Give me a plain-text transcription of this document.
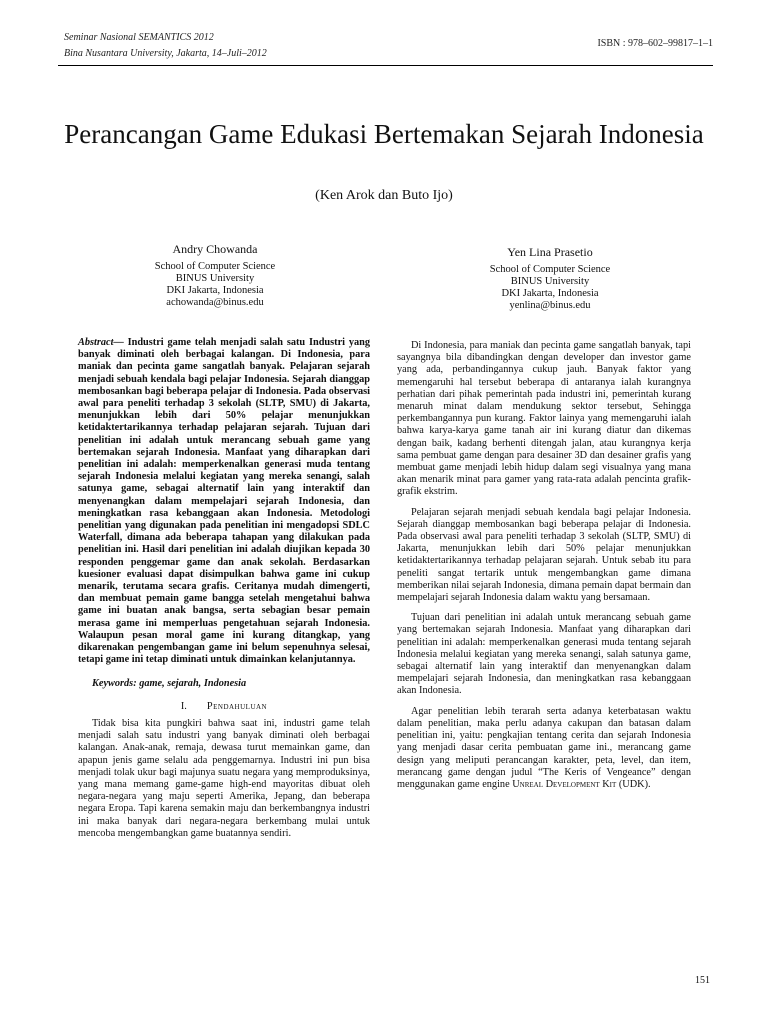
Seminar Nasional SEMANTICS 2012
Bina Nusantara University, Jakarta, 14–Juli–2012
ISBN : 978–602–99817–1–1
Perancangan Game Edukasi Bertemakan Sejarah Indonesia
(Ken Arok dan Buto Ijo)
Andry Chowanda
School of Computer Science
BINUS University
DKI Jakarta, Indonesia
achowanda@binus.edu
Yen Lina Prasetio
School of Computer Science
BINUS University
DKI Jakarta, Indonesia
yenlina@binus.edu
Abstract— Industri game telah menjadi salah satu Industri yang banyak diminati oleh berbagai kalangan. Di Indonesia, para maniak dan pecinta game sangatlah banyak. Pelajaran sejarah menjadi sebuah kendala bagi pelajar Indonesia. Sejarah dianggap membosankan bagi beberapa pelajar di Indonesia. Pada observasi awal para peneliti terhadap 3 sekolah (SLTP, SMU) di Jakarta, menunjukkan lebih dari 50% pelajar menunjukkan ketidaktertarikannya terhadap pelajaran sejarah. Tujuan dari penelitian ini adalah untuk merancang sebuah game yang bertemakan sejarah Indonesia. Manfaat yang diharapkan dari penelitian ini adalah: memperkenalkan generasi muda tentang sejarah Indonesia melalui kegiatan yang mereka senangi, salah satunya game, sebagai alternatif lain yang interaktif dan menyenangkan dalam mempelajari sejarah Indonesia, dan meningkatkan rasa kebanggaan akan Indonesia. Metodologi penelitian yang digunakan pada penelitian ini mengadopsi SDLC Waterfall, dimana ada beberapa tahapan yang dilakukan pada penelitian ini. Hasil dari penelitian ini adalah diujikan kepada 30 responden penggemar game dan anak sekolah. Berdasarkan kuesioner evaluasi dapat disimpulkan bahwa game ini cukup menarik, terutama secara grafis. Ceritanya mudah dimengerti, dan membuat pemain game bangga setelah mengetahui bahwa game ini buatan anak bangsa, serta sebagian besar pemain merasa game ini memperluas pengetahuan sejarah Indonesia. Walaupun pesan moral game ini kurang ditangkap, yang dikarenakan pengembangan game ini belum sepenuhnya selesai, tetapi game ini tetap diminati untuk dimainkan kelanjutannya.
Keywords: game, sejarah, Indonesia
I. Pendahuluan

Tidak bisa kita pungkiri bahwa saat ini, industri game telah menjadi salah satu industri yang banyak diminati oleh berbagai kalangan. Anak-anak, remaja, dewasa turut memainkan game, dan apapun jenis game selalu ada penggemarnya. Industri ini pun bisa menjadi tolak ukur bagi majunya suatu negara yang memproduksinya, yang mana memang game-game high-end mayoritas dibuat oleh negara-negara yang maju seperti Amerika, Jepang, dan beberapa negara Eropa. Tapi karena semakin maju dan berkembangnya industri ini maka banyak dari negara-negara berkembang mulai untuk mencoba mengembangkan game buatannya sendiri.

Di Indonesia, para maniak dan pecinta game sangatlah banyak, tapi sayangnya bila dibandingkan dengan developer dan investor game yang ada, perbandingannya cukup jauh. Banyak faktor yang memengaruhi hal tersebut beberapa di antaranya ialah kurangnya perhatian dari pihak pemerintah pada industri ini, pemerintah kurang menaruh minat dalam mendukung sektor tersebut, Sehingga perkembangannya pun kurang. Faktor lainya yang memengaruhi ialah bahwa karya-karya game tanah air ini kurang diatur dan dikemas dengan baik, kadang berhenti ditengah jalan, atau kurangnya kerja sama pembuat game dengan para desainer 3D dan desainer grafis yang membuat game menjadi lebih hidup dalam segi visualnya yang mana akan menarik minat para gamer yang rata-rata adalah pencinta grafik-grafik ekstrim.

Pelajaran sejarah menjadi sebuah kendala bagi pelajar Indonesia. Sejarah dianggap membosankan bagi beberapa pelajar di Indonesia. Pada observasi awal para peneliti terhadap 3 sekolah (SLTP, SMU) di Jakarta, menunjukkan lebih dari 50% pelajar menunjukkan ketidaktertarikannya terhadap pelajaran sejarah. Untuk sebab itu para peneliti sangat tertarik untuk mengembangkan game dimana memberikan nilai sejarah Indonesia, dimana pemain dapat bermain dan mempelajari sejarah Indonesia dalam waktu yang bersamaan.

Tujuan dari penelitian ini adalah untuk merancang sebuah game yang bertemakan sejarah Indonesia. Manfaat yang diharapkan dari penelitian ini adalah: memperkenalkan generasi muda tentang sejarah Indonesia melalui kegiatan yang mereka senangi, salah satunya game, sebagai alternatif lain yang interaktif dan menyenangkan dalam mempelajari sejarah Indonesia, dan meningkatkan rasa kebanggaan akan Indonesia.

Agar penelitian lebih terarah serta adanya keterbatasan waktu dalam penelitian, maka perlu adanya cakupan dan batasan dalam penelitian ini, yaitu: pengkajian tentang cerita dan sejarah Indonesia yang menjadi dasar cerita pembuatan game ini., merancang game design yang meliputi perancangan karakter, peta, level, dan item, merancang game dengan judul “The Keris of Vengeance” dengan menggunakan game engine Unreal Development Kit (UDK).

151
